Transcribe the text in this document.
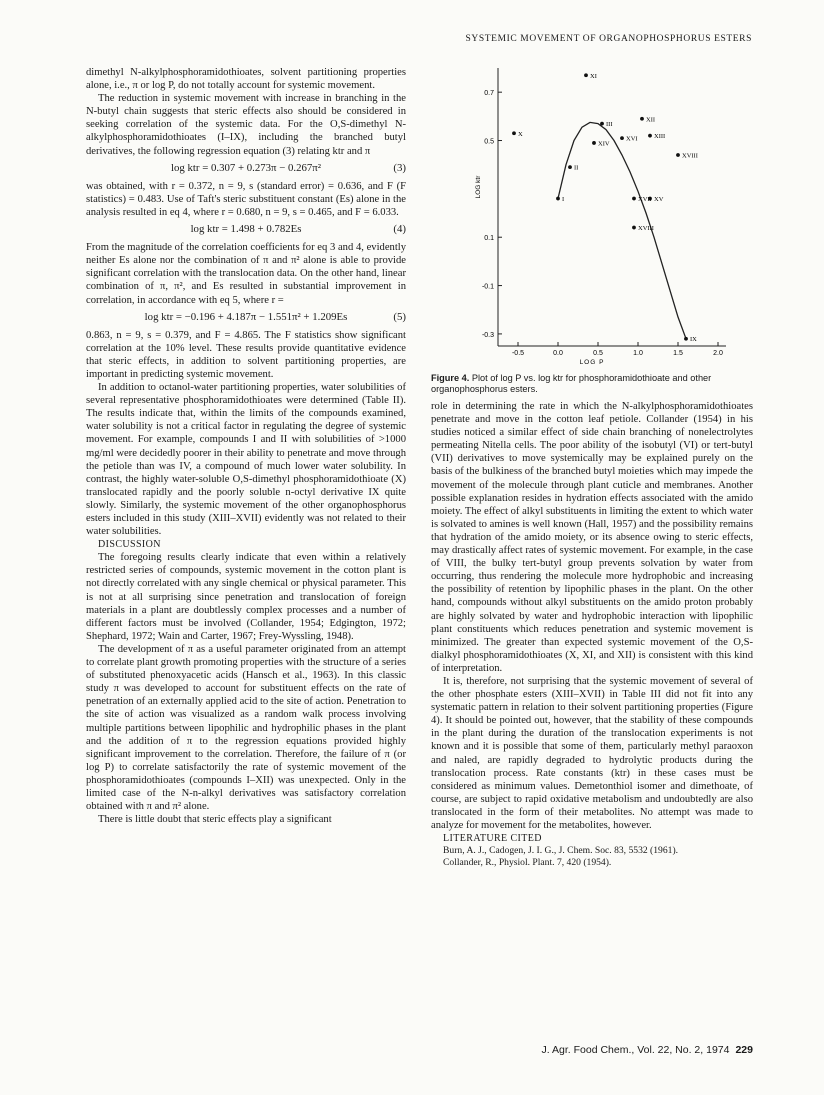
SYSTEMIC MOVEMENT OF ORGANOPHOSPHORUS ESTERS

dimethyl N-alkylphosphoramidothioates, solvent partitioning properties alone, i.e., π or log P, do not totally account for systemic movement.

The reduction in systemic movement with increase in branching in the N-butyl chain suggests that steric effects also should be considered in seeking correlation of the systemic data. For the O,S-dimethyl N-alkylphosphoramidothioates (I–IX), including the branched butyl derivatives, the following regression equation (3) relating ktr and π

log ktr = 0.307 + 0.273π − 0.267π²	(3)

was obtained, with r = 0.372, n = 9, s (standard error) = 0.636, and F (F statistics) = 0.483. Use of Taft's steric substituent constant (Es) alone in the analysis resulted in eq 4, where r = 0.680, n = 9, s = 0.465, and F = 6.033.

log ktr = 1.498 + 0.782Es	(4)

From the magnitude of the correlation coefficients for eq 3 and 4, evidently neither Es alone nor the combination of π and π² alone is able to provide significant correlation with the translocation data. On the other hand, linear combination of π, π², and Es resulted in substantial improvement in correlation, in accordance with eq 5, where r =

log ktr = −0.196 + 4.187π − 1.551π² + 1.209Es	(5)

0.863, n = 9, s = 0.379, and F = 4.865. The F statistics show significant correlation at the 10% level. These results provide quantitative evidence that steric effects, in addition to solvent partitioning properties, are important in predicting systemic movement.

In addition to octanol-water partitioning properties, water solubilities of several representative phosphoramidothioates were determined (Table II). The results indicate that, within the limits of the compounds examined, water solubility is not a critical factor in regulating the degree of systemic movement. For example, compounds I and II with solubilities of >1000 mg/ml were decidedly poorer in their ability to penetrate and move through the petiole than was IV, a compound of much lower water solubility. In contrast, the highly water-soluble O,S-dimethyl phosphoramidothioate (X) translocated rapidly and the poorly soluble n-octyl derivative IX quite slowly. Similarly, the systemic movement of the other organophosphorus esters included in this study (XIII–XVII) evidently was not related to their water solubilities.

DISCUSSION

The foregoing results clearly indicate that even within a relatively restricted series of compounds, systemic movement in the cotton plant is not directly correlated with any single chemical or physical parameter. This is not at all surprising since penetration and translocation of foreign materials in a plant are doubtlessly complex processes and a number of different factors must be involved (Collander, 1954; Edgington, 1972; Shephard, 1972; Wain and Carter, 1967; Frey-Wyssling, 1948).

The development of π as a useful parameter originated from an attempt to correlate plant growth promoting properties with the structure of a series of substituted phenoxyacetic acids (Hansch et al., 1963). In this classic study π was developed to account for substituent effects on the rate of penetration of an externally applied acid to the site of action. Penetration to the site of action was visualized as a random walk process involving multiple partitions between lipophilic and hydrophilic phases in the plant and the addition of π to the regression equations provided highly significant improvement to the correlation. Therefore, the failure of π (or log P) to correlate satisfactorily the rate of systemic movement of the phosphoramidothioates (compounds I–XII) was unexpected. Only in the limited case of the N-n-alkyl derivatives was satisfactory correlation obtained with π and π² alone.

There is little doubt that steric effects play a significant

0.7
0.5
0.1
-0.1
-0.3
-0.5	0.0	0.5	1.0	1.5	2.0
LOG P
LOG ktr
I
II
III
IX
X
XI
XII
XIII
XIV
XV
XVI
XVII
XVIII
XVIII
Figure 4. Plot of log P vs. log ktr for phosphoramidothioate and other organophosphorus esters.

role in determining the rate in which the N-alkylphosphoramidothioates penetrate and move in the cotton leaf petiole. Collander (1954) in his studies noticed a similar effect of side chain branching of nonelectrolytes permeating Nitella cells. The poor ability of the isobutyl (VI) or tert-butyl (VII) derivatives to move systemically may be explained purely on the basis of the bulkiness of the branched butyl moieties which may impede the movement of the molecule through plant cuticle and membranes. Another possible explanation resides in hydration effects associated with the amido moiety. The effect of alkyl substituents in limiting the extent to which water is solvated to amines is well known (Hall, 1957) and the possibility remains that hydration of the amido moiety, or its absence owing to steric effects, may drastically affect rates of systemic movement. For example, in the case of VIII, the bulky tert-butyl group prevents solvation by water from occurring, thus rendering the molecule more hydrophobic and increasing the possibility of retention by lipophilic phases in the plant. On the other hand, compounds without alkyl substituents on the amido proton probably are highly solvated by water and hydrophobic interaction with lipophilic plant constituents which reduces penetration and systemic movement is minimized. The greater than expected systemic movement of the O,S-dialkyl phosphoramidothioates (X, XI, and XII) is consistent with this kind of interpretation.

It is, therefore, not surprising that the systemic movement of several of the other phosphate esters (XIII–XVII) in Table III did not fit into any systematic pattern in relation to their solvent partitioning properties (Figure 4). It should be pointed out, however, that the stability of these compounds in the plant during the duration of the translocation experiments is not known and it is possible that some of them, particularly methyl paraoxon and naled, are rapidly degraded to hydrolytic products during the translocation process. Rate constants (ktr) in these cases must be considered as minimum values. Demetonthiol isomer and dimethoate, of course, are subject to rapid oxidative metabolism and undoubtedly are also translocated in the form of their metabolites. No attempt was made to analyze for movement for the metabolites, however.

LITERATURE CITED

Burn, A. J., Cadogen, J. I. G., J. Chem. Soc. 83, 5532 (1961).

Collander, R., Physiol. Plant. 7, 420 (1954).

J. Agr. Food Chem., Vol. 22, No. 2, 1974 229
